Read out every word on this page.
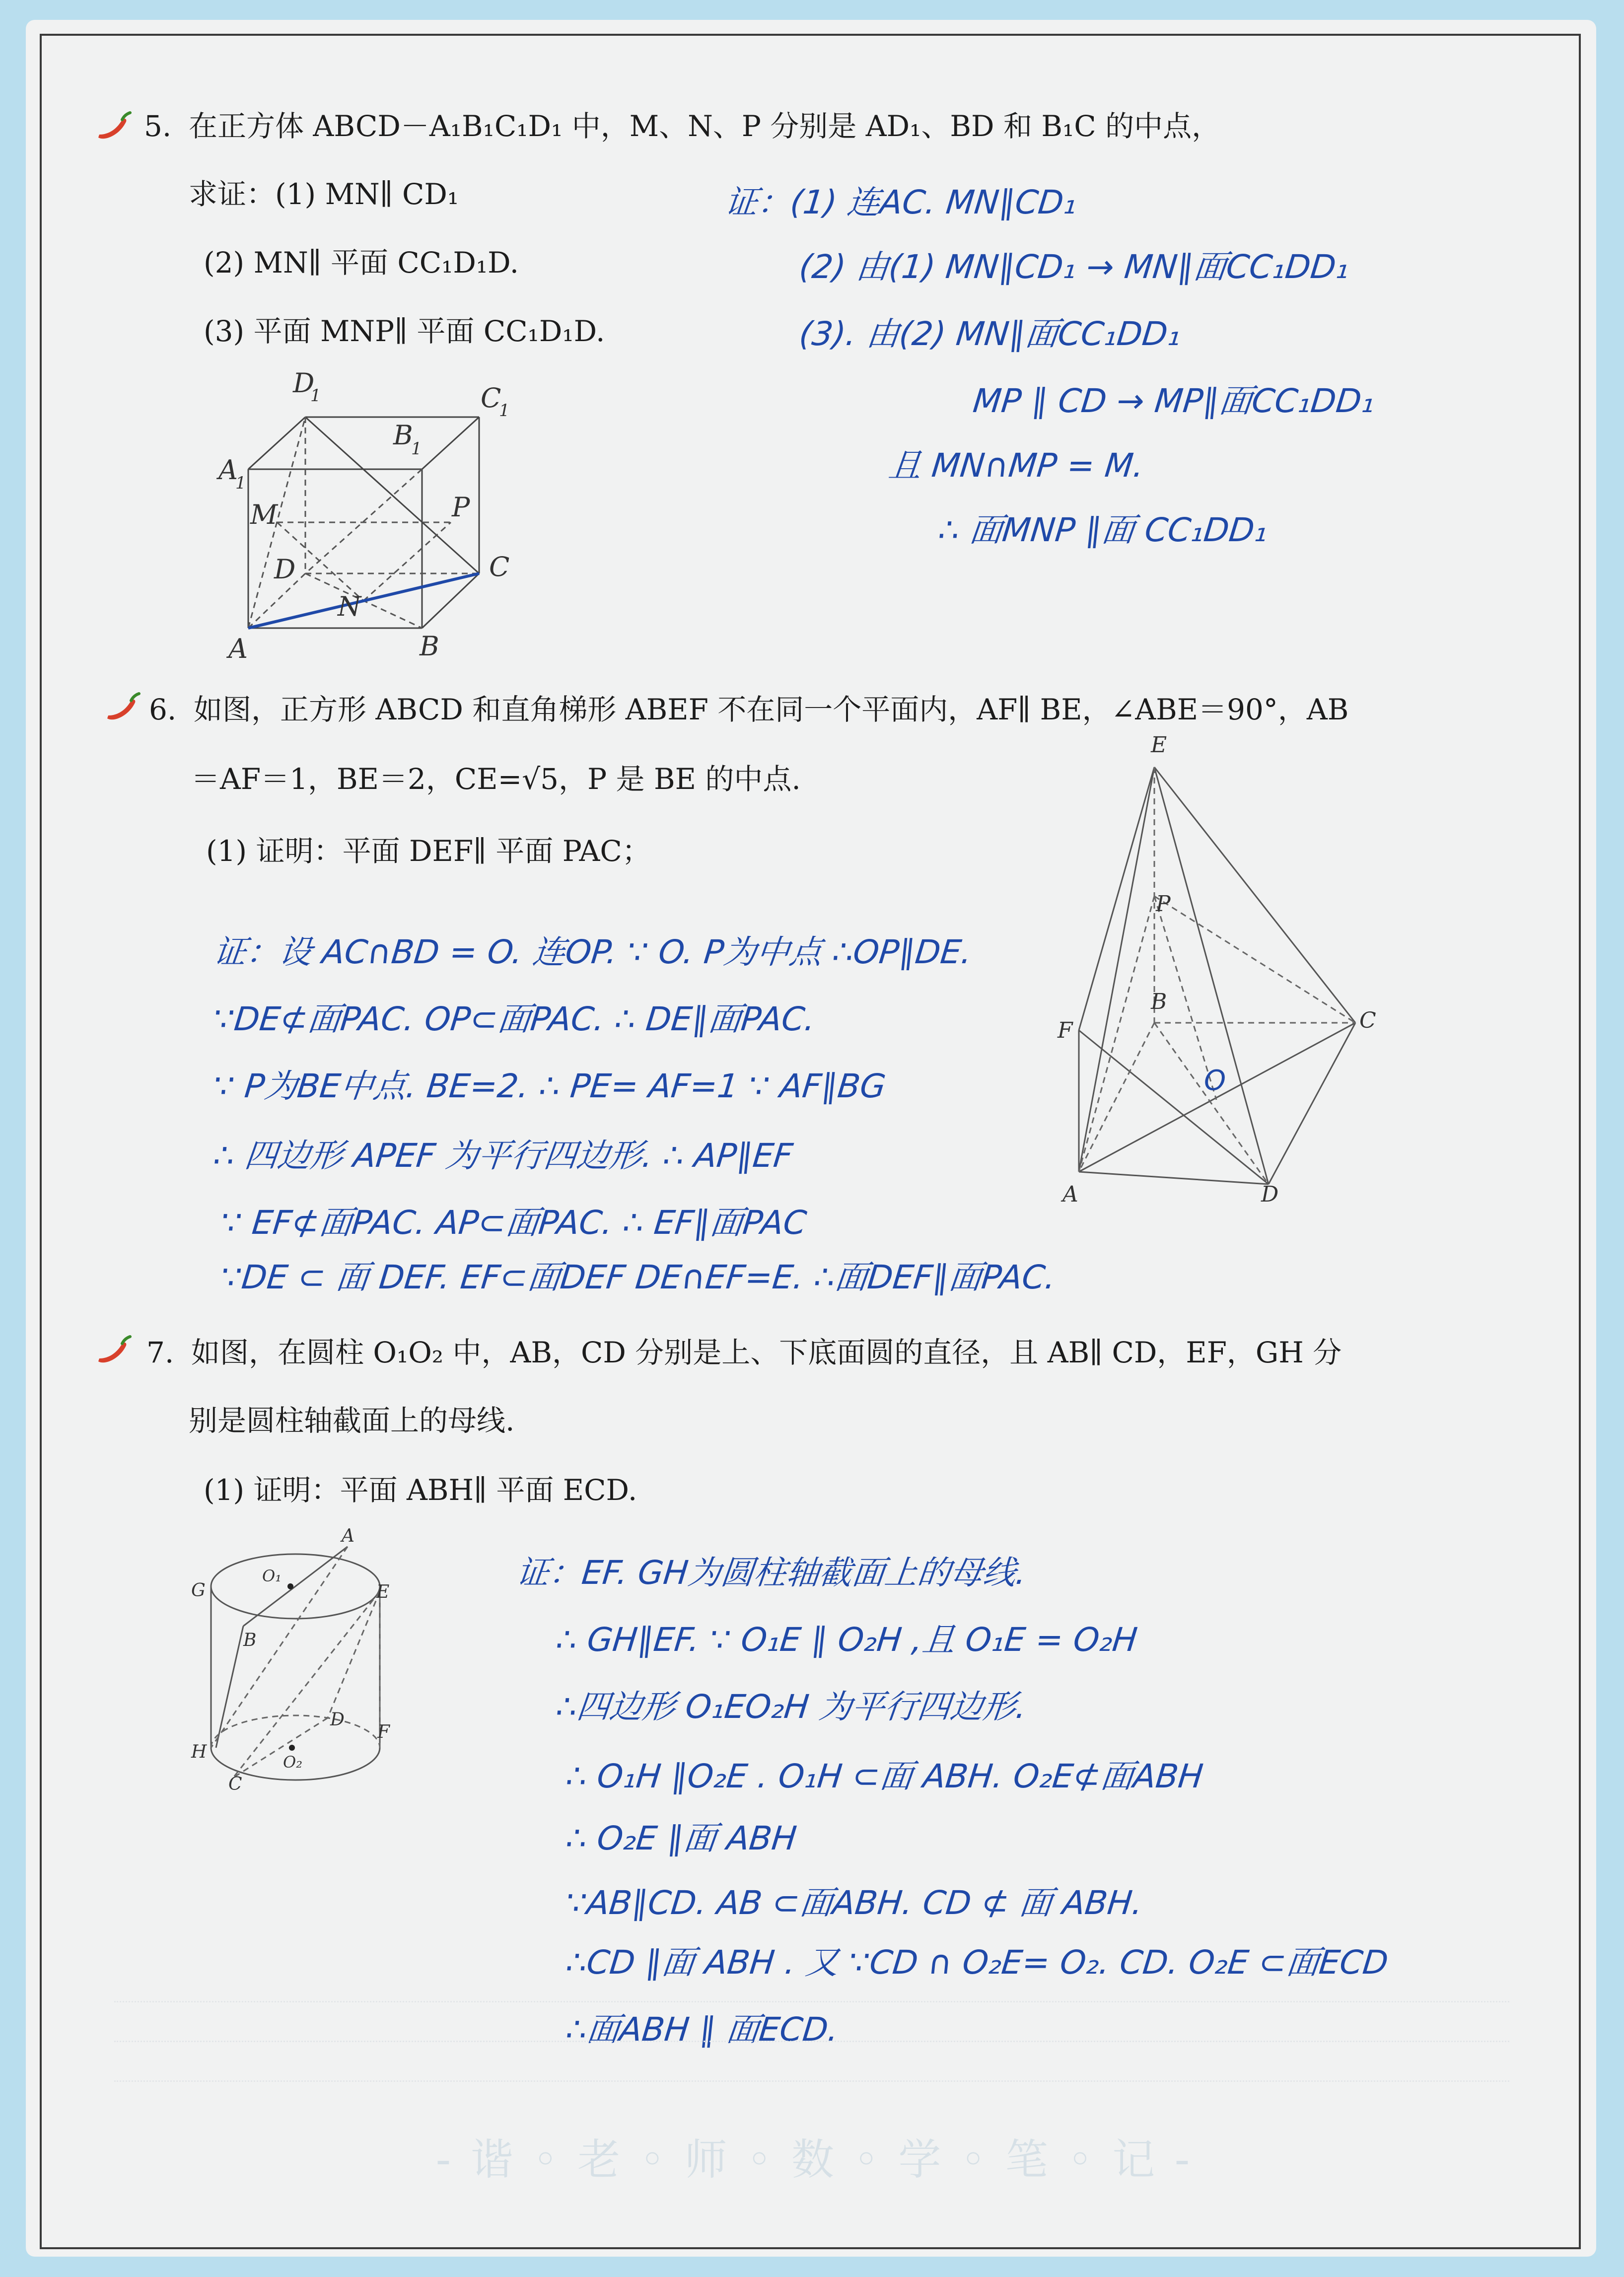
5. 在正方体 ABCD－A₁B₁C₁D₁ 中，M、N、P 分别是 AD₁、BD 和 B₁C 的中点，
求证：(1) MN∥ CD₁
(2) MN∥ 平面 CC₁D₁D.
(3) 平面 MNP∥ 平面 CC₁D₁D.
D
1	C
1
B
1
A
1
M	P
D	C
N
A	B
证：(1) 连AC. MN∥CD₁
(2) 由(1) MN∥CD₁ → MN∥面CC₁DD₁
(3). 由(2) MN∥面CC₁DD₁
MP ∥ CD → MP∥面CC₁DD₁
且 MN∩MP = M.
∴ 面MNP ∥面 CC₁DD₁
6. 如图，正方形 ABCD 和直角梯形 ABEF 不在同一个平面内，AF∥ BE，∠ABE＝90°，AB
＝AF＝1，BE＝2，CE=√5，P 是 BE 的中点.
(1) 证明：平面 DEF∥ 平面 PAC；
E
P
B
C
F
O
A	D
证：设 AC∩BD = O. 连OP. ∵ O. P为中点 ∴OP∥DE.
∵DE⊄面PAC. OP⊂面PAC. ∴ DE∥面PAC.
∵ P为BE中点. BE=2. ∴ PE= AF=1 ∵ AF∥BG
∴ 四边形 APEF 为平行四边形. ∴ AP∥EF
∵ EF⊄面PAC. AP⊂面PAC. ∴ EF∥面PAC
∵DE ⊂ 面 DEF. EF⊂面DEF DE∩EF=E. ∴面DEF∥面PAC.
7. 如图，在圆柱 O₁O₂ 中，AB，CD 分别是上、下底面圆的直径，且 AB∥ CD，EF，GH 分
别是圆柱轴截面上的母线.
(1) 证明：平面 ABH∥ 平面 ECD.
A
G
O₁
E
B
H
D
F
O₂
C
证：EF. GH为圆柱轴截面上的母线.
∴ GH∥EF. ∵ O₁E ∥ O₂H ,且 O₁E = O₂H
∴四边形 O₁EO₂H 为平行四边形.
∴ O₁H ∥O₂E . O₁H ⊂面 ABH. O₂E⊄面ABH
∴ O₂E ∥面 ABH
∵AB∥CD. AB ⊂面ABH. CD ⊄ 面 ABH.
∴CD ∥面 ABH . 又 ∵CD ∩ O₂E= O₂. CD. O₂E ⊂面ECD
∴面ABH ∥ 面ECD.
- 谐 ◦ 老 ◦ 师 ◦ 数 ◦ 学 ◦ 笔 ◦ 记 -
